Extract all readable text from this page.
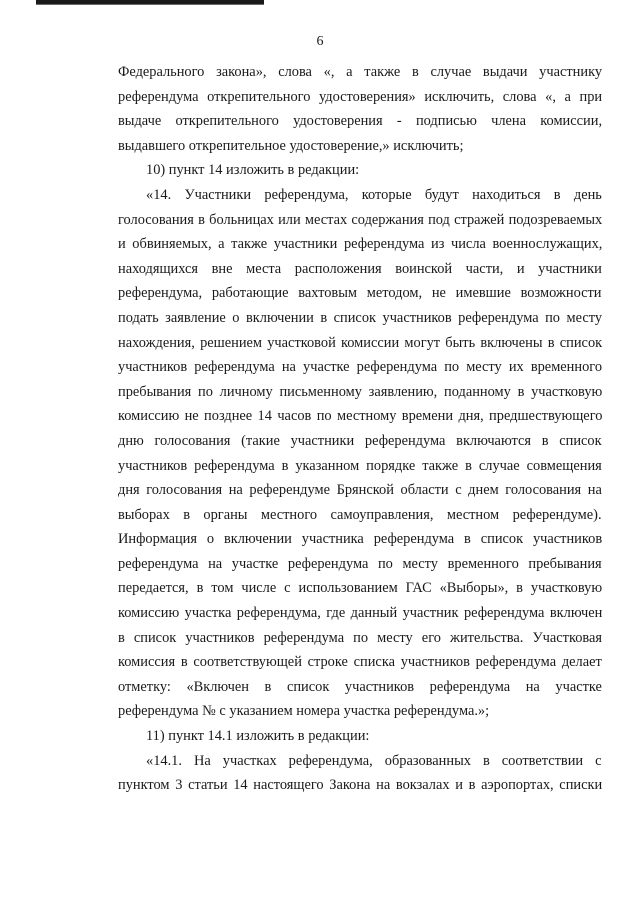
6
Федерального закона», слова «, а также в случае выдачи участнику
референдума открепительного удостоверения» исключить, слова «, а при
выдаче открепительного удостоверения - подписью члена комиссии,
выдавшего открепительное удостоверение,» исключить;
10) пункт 14 изложить в редакции:
«14. Участники референдума, которые будут находиться в день
голосования в больницах или местах содержания под стражей подозреваемых
и обвиняемых, а также участники референдума из числа военнослужащих,
находящихся вне места расположения воинской части, и участники
референдума, работающие вахтовым методом, не имевшие возможности
подать заявление о включении в список участников референдума по месту
нахождения, решением участковой комиссии могут быть включены в список
участников референдума на участке референдума по месту их временного
пребывания по личному письменному заявлению, поданному в участковую
комиссию не позднее 14 часов по местному времени дня, предшествующего
дню голосования (такие участники референдума включаются в список
участников референдума в указанном порядке также в случае совмещения
дня голосования на референдуме Брянской области с днем голосования на
выборах в органы местного самоуправления, местном референдуме).
Информация о включении участника референдума в список участников
референдума на участке референдума по месту временного пребывания
передается, в том числе с использованием ГАС «Выборы», в участковую
комиссию участка референдума, где данный участник референдума включен
в список участников референдума по месту его жительства. Участковая
комиссия в соответствующей строке списка участников референдума делает
отметку: «Включен в список участников референдума на участке
референдума № с указанием номера участка референдума.»;
11) пункт 14.1 изложить в редакции:
«14.1. На участках референдума, образованных в соответствии с
пунктом 3 статьи 14 настоящего Закона на вокзалах и в аэропортах, списки
